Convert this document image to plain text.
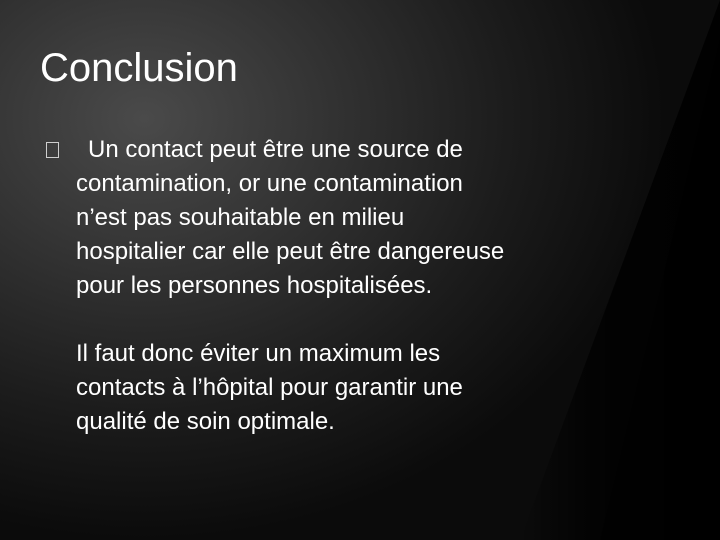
Conclusion

Un contact peut être une source de
contamination, or une contamination
n’est pas souhaitable en milieu
hospitalier car elle peut être dangereuse
pour les personnes hospitalisées.

Il faut donc éviter un maximum les
contacts à l’hôpital pour garantir une
qualité de soin optimale.
